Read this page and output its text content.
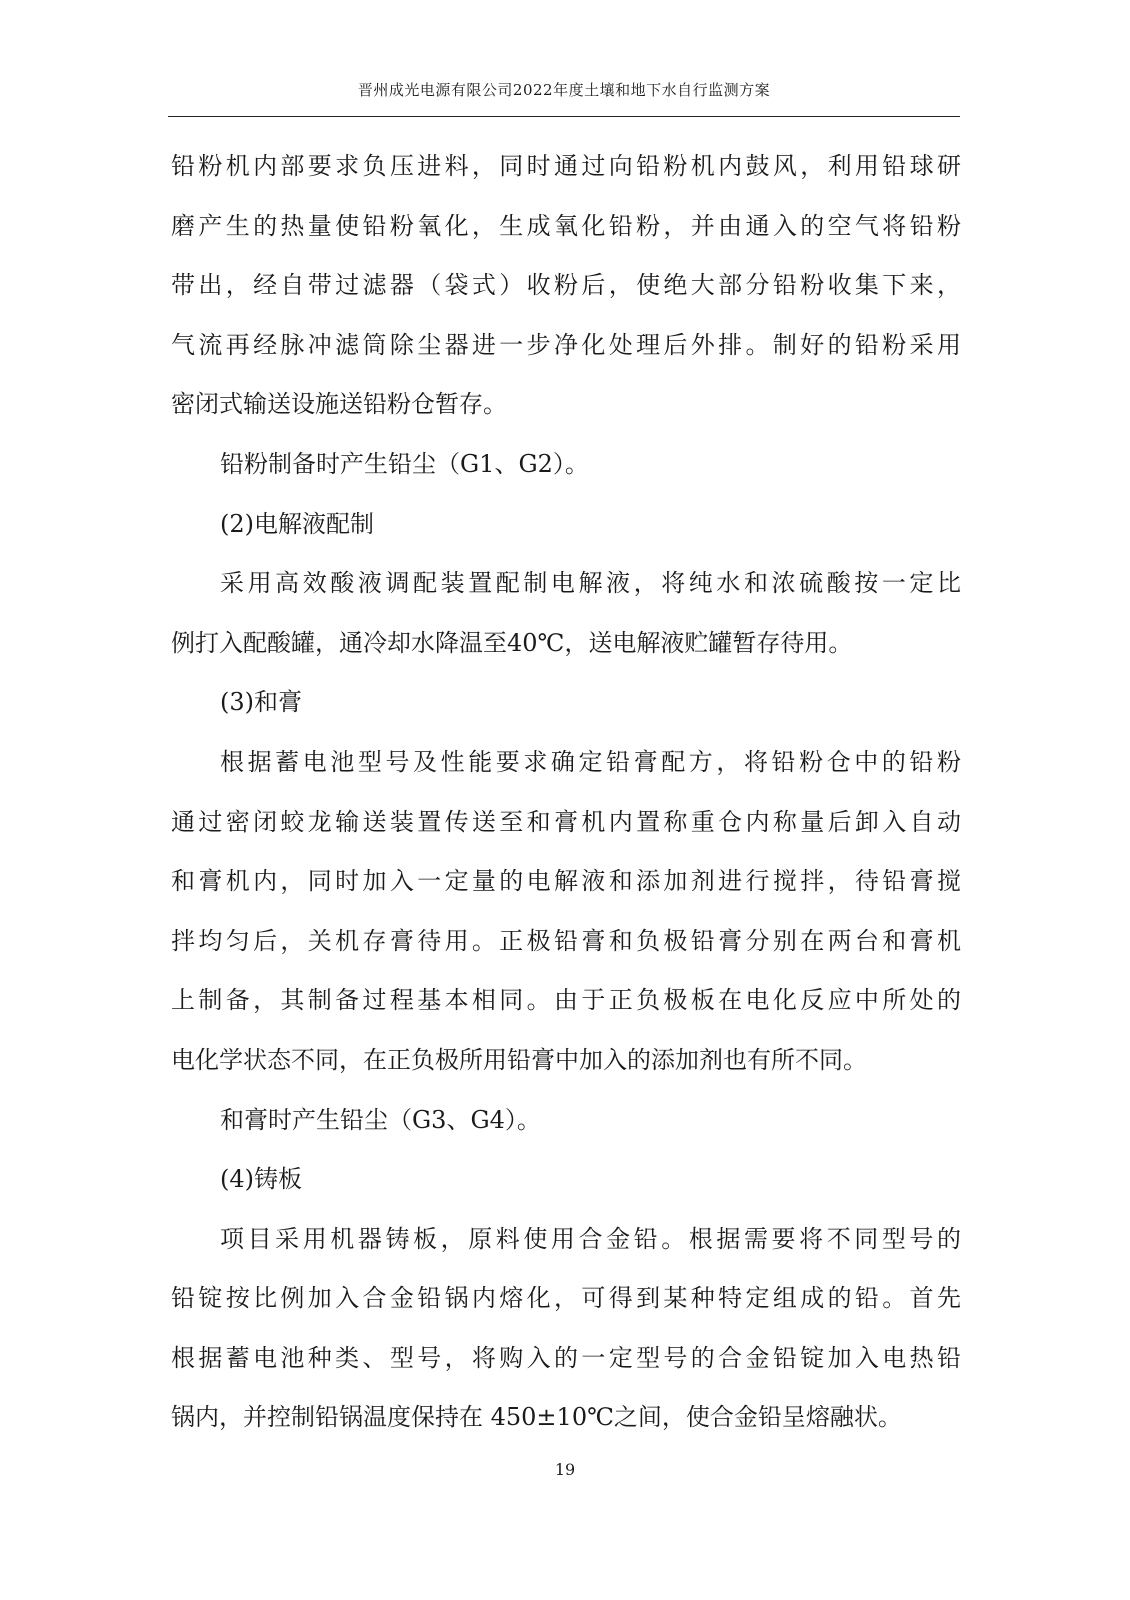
晋州成光电源有限公司2022年度土壤和地下水自行监测方案
铅粉机内部要求负压进料，同时通过向铅粉机内鼓风，利用铅球研
磨产生的热量使铅粉氧化，生成氧化铅粉，并由通入的空气将铅粉
带出，经自带过滤器（袋式）收粉后，使绝大部分铅粉收集下来，
气流再经脉冲滤筒除尘器进一步净化处理后外排。制好的铅粉采用
密闭式输送设施送铅粉仓暂存。
铅粉制备时产生铅尘（G1、G2）。
(2)电解液配制
采用高效酸液调配装置配制电解液，将纯水和浓硫酸按一定比
例打入配酸罐，通冷却水降温至40℃，送电解液贮罐暂存待用。
(3)和膏
根据蓄电池型号及性能要求确定铅膏配方，将铅粉仓中的铅粉
通过密闭蛟龙输送装置传送至和膏机内置称重仓内称量后卸入自动
和膏机内，同时加入一定量的电解液和添加剂进行搅拌，待铅膏搅
拌均匀后，关机存膏待用。正极铅膏和负极铅膏分别在两台和膏机
上制备，其制备过程基本相同。由于正负极板在电化反应中所处的
电化学状态不同，在正负极所用铅膏中加入的添加剂也有所不同。
和膏时产生铅尘（G3、G4）。
(4)铸板
项目采用机器铸板，原料使用合金铅。根据需要将不同型号的
铅锭按比例加入合金铅锅内熔化，可得到某种特定组成的铅。首先
根据蓄电池种类、型号，将购入的一定型号的合金铅锭加入电热铅
锅内，并控制铅锅温度保持在 450±10℃之间，使合金铅呈熔融状。
19
